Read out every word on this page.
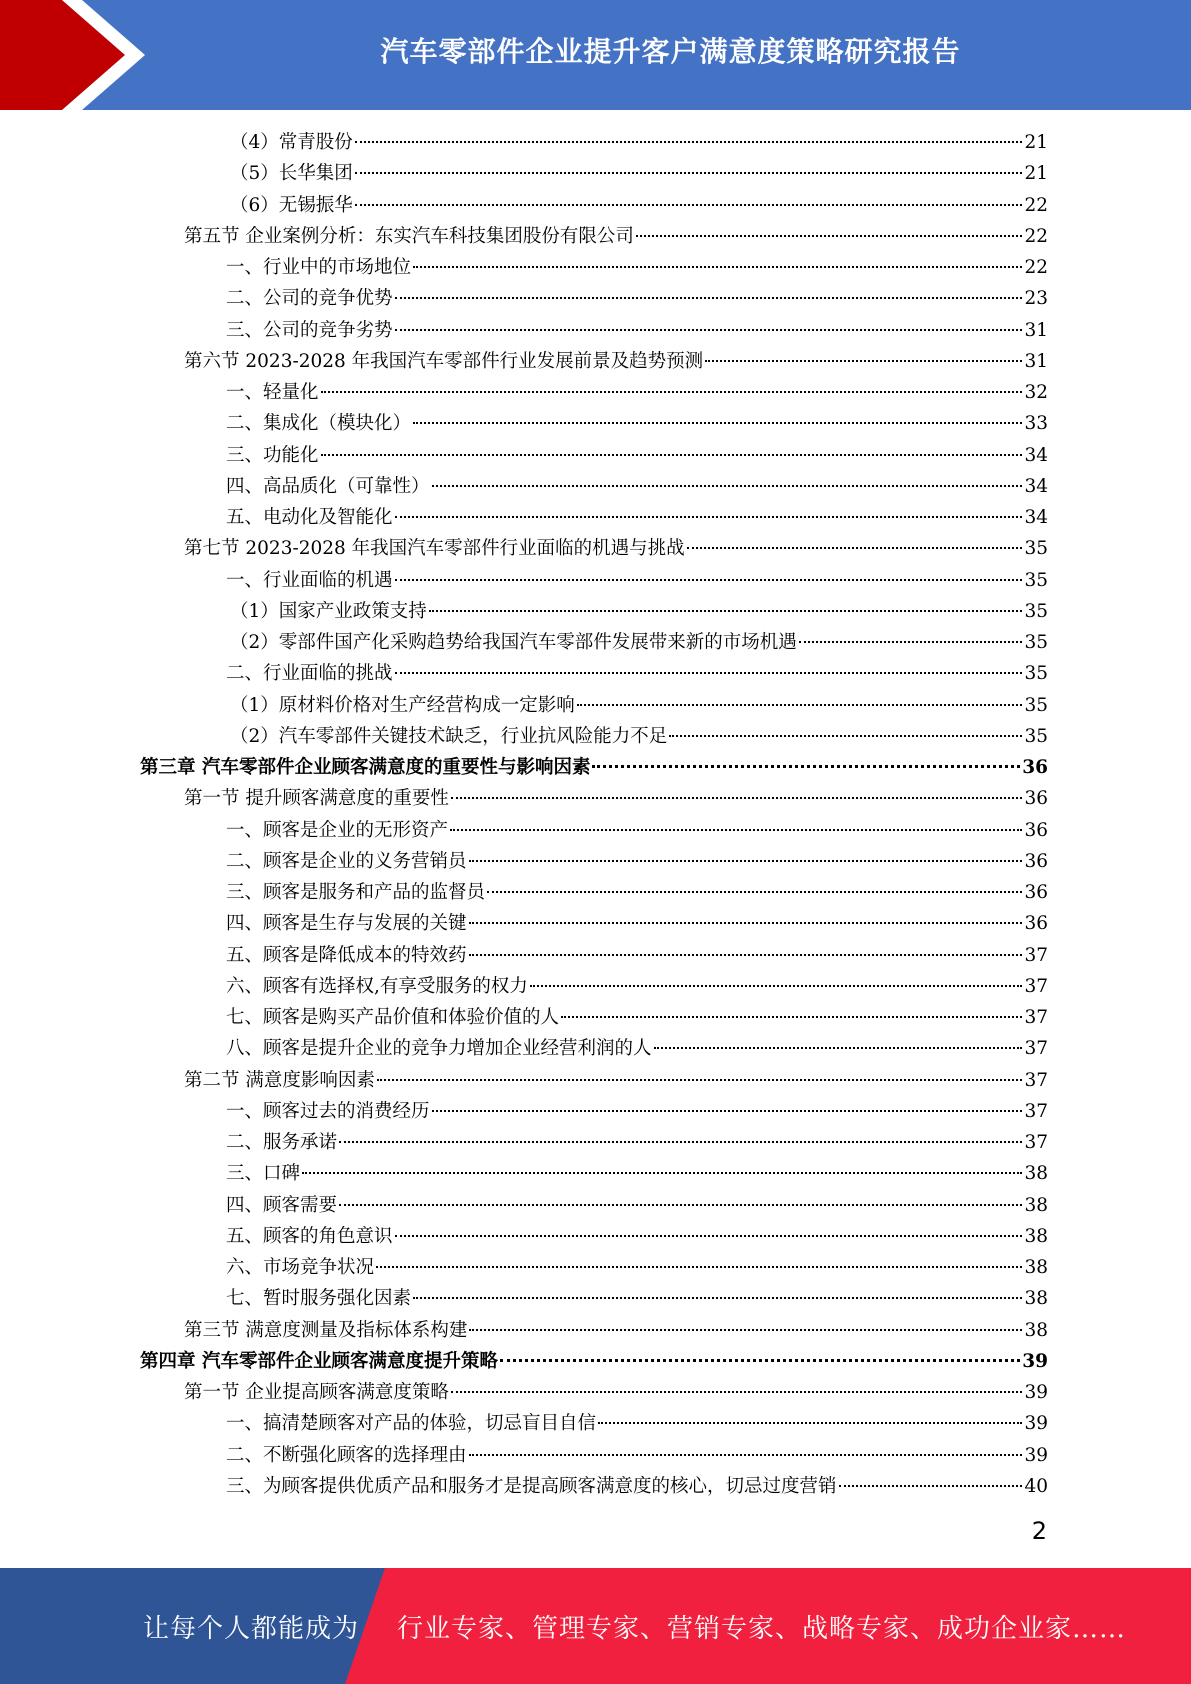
汽车零部件企业提升客户满意度策略研究报告
（4）常青股份	21
（5）长华集团	21
（6）无锡振华	22
第五节 企业案例分析：东实汽车科技集团股份有限公司	22
一、行业中的市场地位	22
二、公司的竞争优势	23
三、公司的竞争劣势	31
第六节 2023-2028 年我国汽车零部件行业发展前景及趋势预测	31
一、轻量化	32
二、集成化（模块化）	33
三、功能化	34
四、高品质化（可靠性）	34
五、电动化及智能化	34
第七节 2023-2028 年我国汽车零部件行业面临的机遇与挑战	35
一、行业面临的机遇	35
（1）国家产业政策支持	35
（2）零部件国产化采购趋势给我国汽车零部件发展带来新的市场机遇	35
二、行业面临的挑战	35
（1）原材料价格对生产经营构成一定影响	35
（2）汽车零部件关键技术缺乏，行业抗风险能力不足	35
第三章 汽车零部件企业顾客满意度的重要性与影响因素	36
第一节 提升顾客满意度的重要性	36
一、顾客是企业的无形资产	36
二、顾客是企业的义务营销员	36
三、顾客是服务和产品的监督员	36
四、顾客是生存与发展的关键	36
五、顾客是降低成本的特效药	37
六、顾客有选择权,有享受服务的权力	37
七、顾客是购买产品价值和体验价值的人	37
八、顾客是提升企业的竞争力增加企业经营利润的人	37
第二节 满意度影响因素	37
一、顾客过去的消费经历	37
二、服务承诺	37
三、口碑	38
四、顾客需要	38
五、顾客的角色意识	38
六、市场竞争状况	38
七、暂时服务强化因素	38
第三节 满意度测量及指标体系构建	38
第四章 汽车零部件企业顾客满意度提升策略	39
第一节 企业提高顾客满意度策略	39
一、搞清楚顾客对产品的体验，切忌盲目自信	39
二、不断强化顾客的选择理由	39
三、为顾客提供优质产品和服务才是提高顾客满意度的核心，切忌过度营销	40
2
让每个人都能成为 行业专家、管理专家、营销专家、战略专家、成功企业家……
